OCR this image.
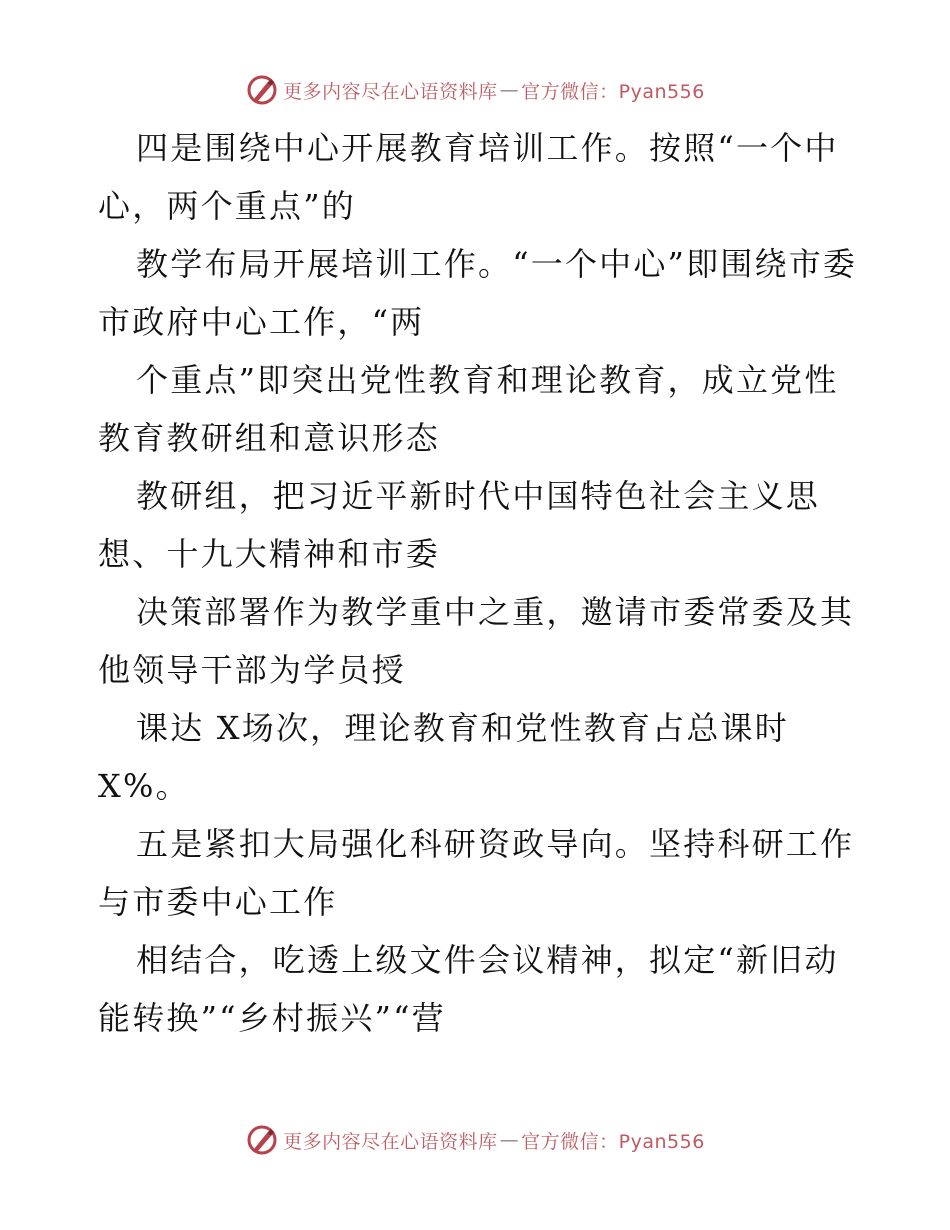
更多内容尽在心语资料库 — 官方微信：Pyan556

四是围绕中心开展教育培训工作。按照“一个中心，两个重点”的

教学布局开展培训工作。“一个中心”即围绕市委市政府中心工作，“两

个重点”即突出党性教育和理论教育，成立党性教育教研组和意识形态

教研组，把习近平新时代中国特色社会主义思想、十九大精神和市委

决策部署作为教学重中之重，邀请市委常委及其他领导干部为学员授

课达 X场次，理论教育和党性教育占总课时 X%。

五是紧扣大局强化科研资政导向。坚持科研工作与市委中心工作

相结合，吃透上级文件会议精神，拟定“新旧动能转换”“乡村振兴”“营

更多内容尽在心语资料库 — 官方微信：Pyan556
